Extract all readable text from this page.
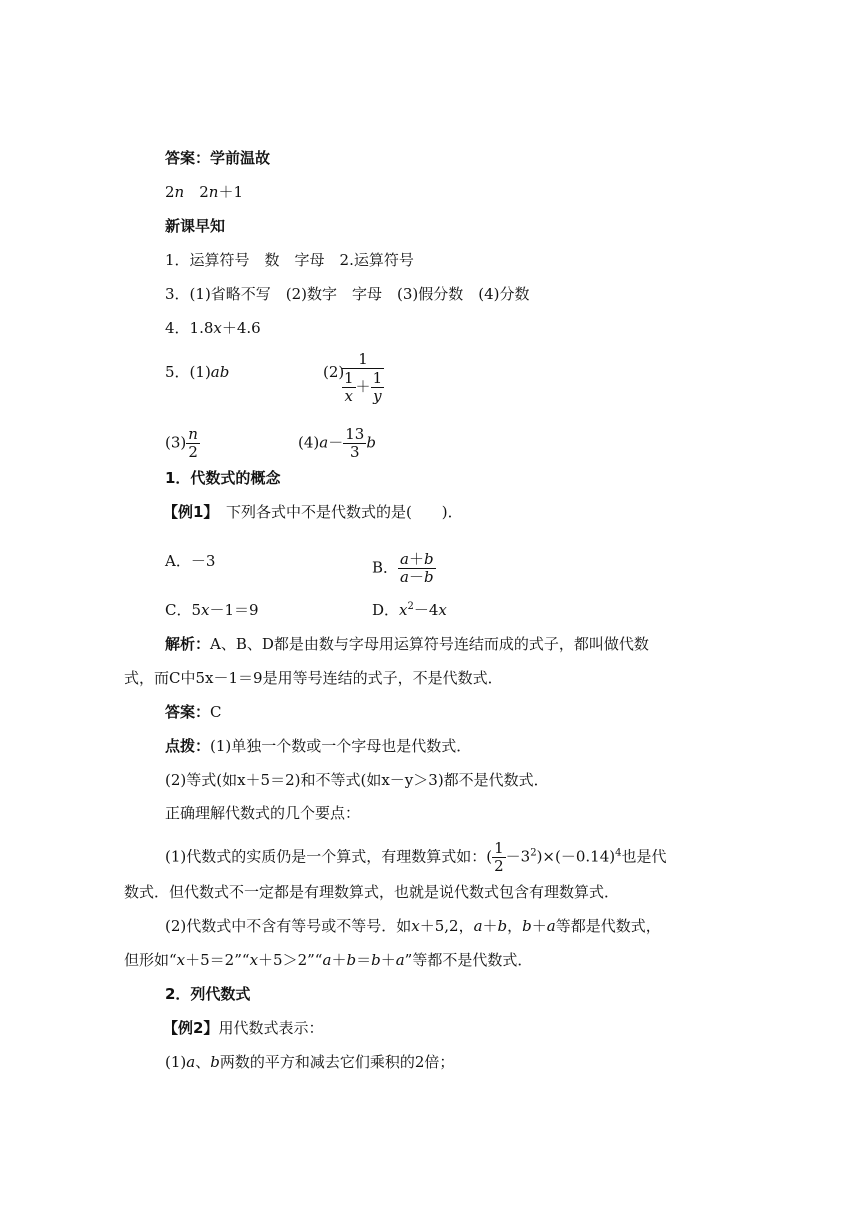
答案：学前温故
2n　2n＋1
新课早知
1．运算符号　数　字母　2.运算符号
3．(1)省略不写　(2)数字　字母　(3)假分数　(4)分数
4．1.8x＋4.6
5．(1)ab	(2)
1
$\frac{1}{x} + \frac{1}{y}$
$(3) \frac{n}{2}$	$(4)a- \frac{13}{3}$ b
1．代数式的概念
【例1】　 下列各式中不是代数式的是(　　)．
A．－3	B． $\frac{a+b}{a-b}$
C．5x－1＝9	D．$x^2-4x$
解析：A、B、D都是由数与字母用运算符号连结而成的式子，都叫做代数
式，而C中5x－1＝9是用等号连结的式子，不是代数式．
答案：C
点拨：(1)单独一个数或一个字母也是代数式．
(2)等式(如x＋5＝2)和不等式(如x－y＞3)都不是代数式．
正确理解代数式的几个要点：
(1)代数式的实质仍是一个算式，有理数算式如：( $\frac{1}{2} -3^2)\times(-0.14)^4$也是代
数式．但代数式不一定都是有理数算式，也就是说代数式包含有理数算式．
(2)代数式中不含有等号或不等号．如x＋5,2，a＋b，b＋a等都是代数式，
但形如“x＋5＝2”“x＋5＞2”“a＋b＝b＋a”等都不是代数式．
2．列代数式
【例2】用代数式表示：
(1)a、b两数的平方和减去它们乘积的2倍；
